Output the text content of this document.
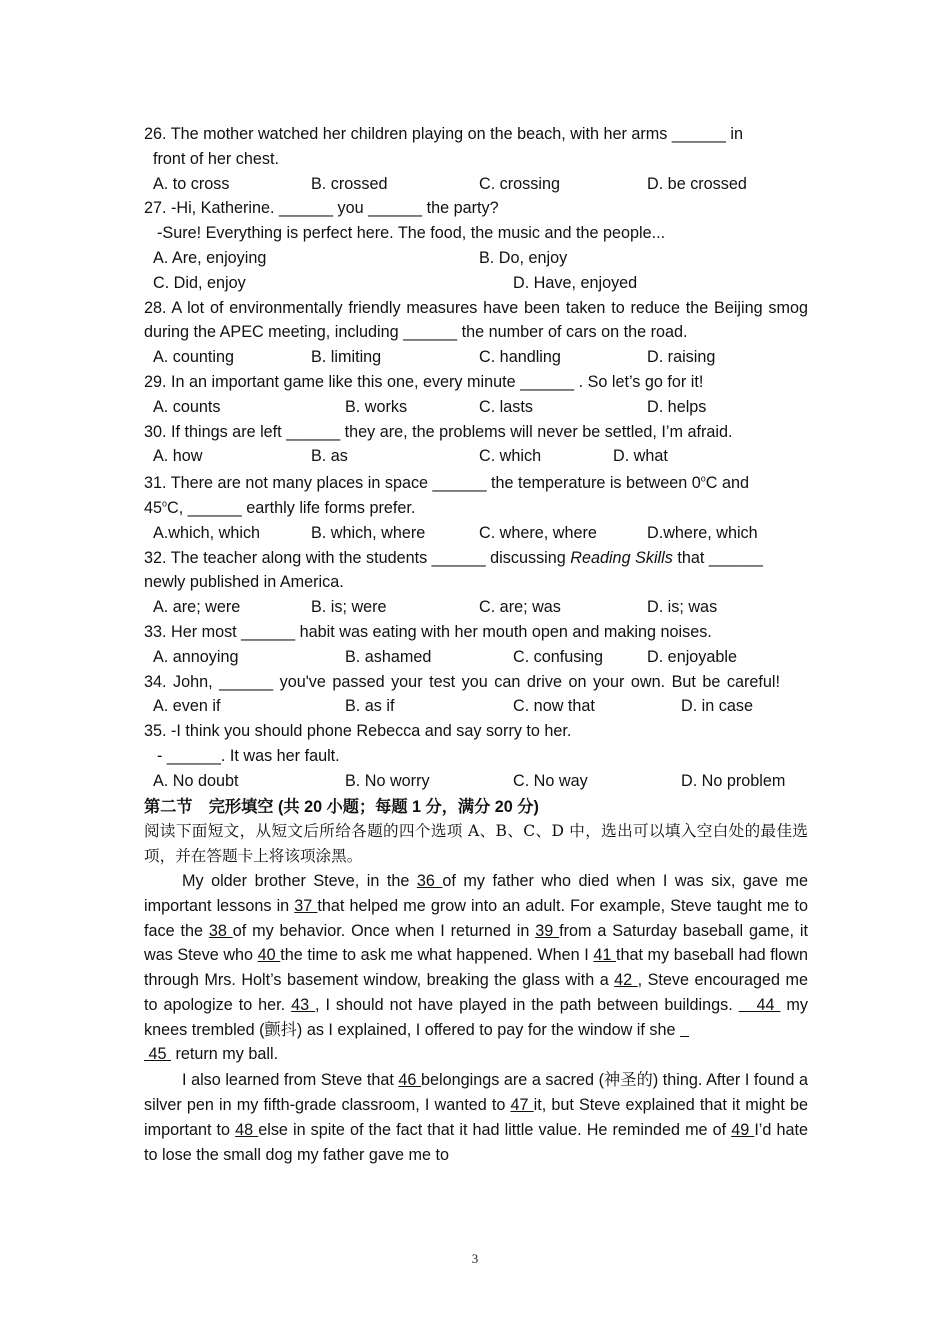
26. The mother watched her children playing on the beach, with her arms ______ in

front of her chest.

A. to cross	B. crossed	C. crossing	D. be crossed

27. -Hi, Katherine. ______ you ______ the party?

-Sure! Everything is perfect here. The food, the music and the people...

A. Are, enjoying	B. Do, enjoy
C. Did, enjoy	D. Have, enjoyed

28. A lot of environmentally friendly measures have been taken to reduce the Beijing smog during the APEC meeting, including ______ the number of cars on the road.

A. counting	B. limiting	C. handling	D. raising

29. In an important game like this one, every minute ______ . So let’s go for it!

A. counts	B. works	C. lasts	D. helps

30. If things are left ______ they are, the problems will never be settled, I’m afraid.

A. how	B. as	C. which	D. what

31. There are not many places in space ______ the temperature is between 0$^o$C and

45$^o$C, ______ earthly life forms prefer.

A.which, which	B. which, where	C. where, where	D.where, which

32. The teacher along with the students ______ discussing Reading Skills that ______

newly published in America.

A. are; were	B. is; were	C. are; was	D. is; was

33. Her most ______ habit was eating with her mouth open and making noises.

A. annoying	B. ashamed	C. confusing	D. enjoyable

34. John, ______ you've passed your test you can drive on your own. But be careful!

A. even if	B. as if	C. now that	D. in case

35. -I think you should phone Rebecca and say sorry to her.

- ______. It was her fault.

A. No doubt	B. No worry	C. No way	D. No problem

第二节　完形填空 (共 20 小题；每题 1 分，满分 20 分)

阅读下面短文，从短文后所给各题的四个选项 A、B、C、D 中，选出可以填入空白处的最佳选项，并在答题卡上将该项涂黑。

My older brother Steve, in the 36 of my father who died when I was six, gave me important lessons in 37 that helped me grow into an adult. For example, Steve taught me to face the 38 of my behavior. Once when I returned in 39 from a Saturday baseball game, it was Steve who 40 the time to ask me what happened. When I 41 that my baseball had flown through Mrs. Holt’s basement window, breaking the glass with a 42 , Steve encouraged me to apologize to her. 43 , I should not have played in the path between buildings.    44  my knees trembled (颤抖) as I explained, I offered to pay for the window if she
45  return my ball.

I also learned from Steve that 46 belongings are a sacred (神圣的) thing. After I found a silver pen in my fifth-grade classroom, I wanted to 47 it, but Steve explained that it might be important to 48 else in spite of the fact that it had little value. He reminded me of 49 I’d hate to lose the small dog my father gave me to

3
